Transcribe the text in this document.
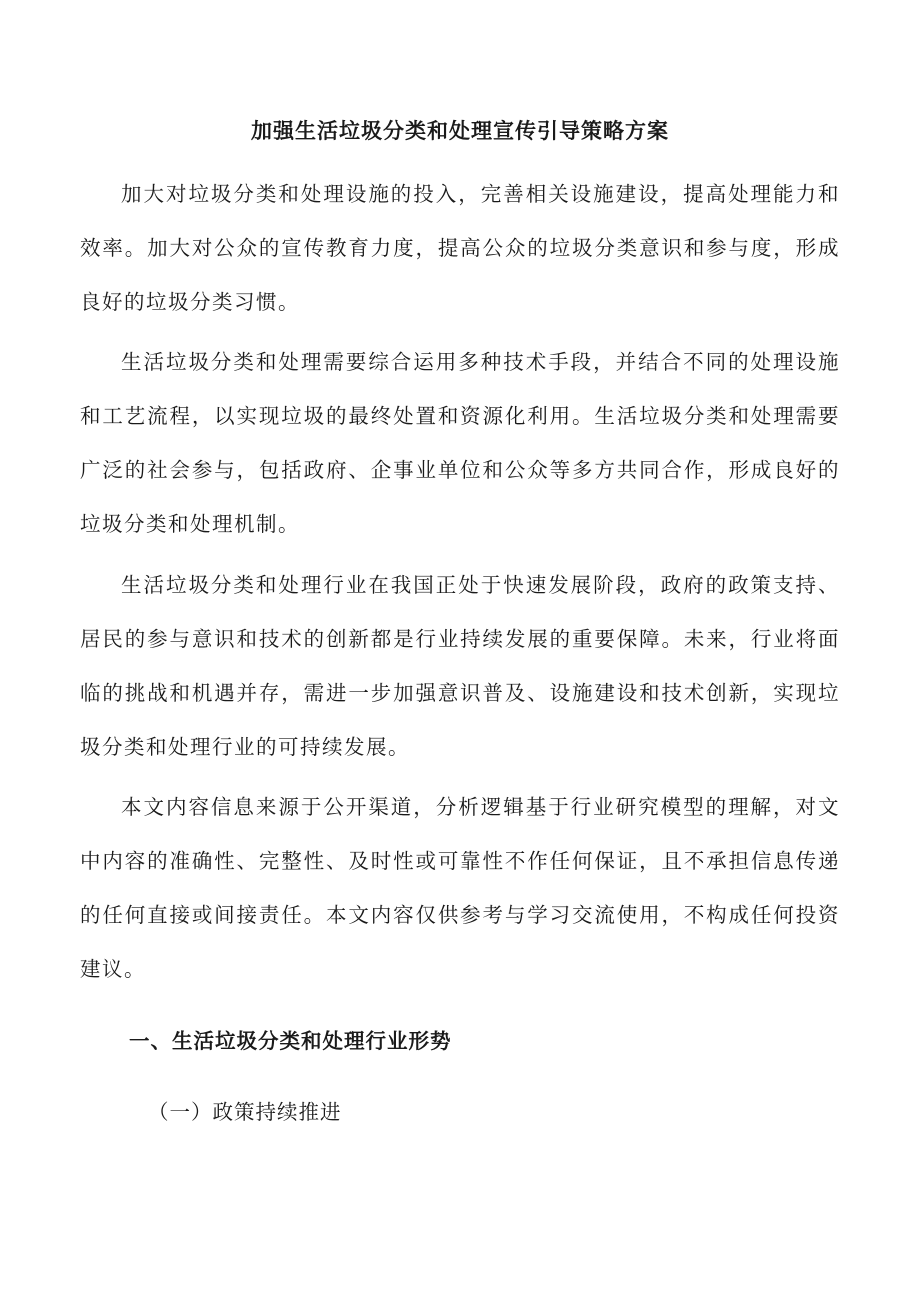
加强生活垃圾分类和处理宣传引导策略方案

加大对垃圾分类和处理设施的投入，完善相关设施建设，提高处理能力和效率。加大对公众的宣传教育力度，提高公众的垃圾分类意识和参与度，形成良好的垃圾分类习惯。

生活垃圾分类和处理需要综合运用多种技术手段，并结合不同的处理设施和工艺流程，以实现垃圾的最终处置和资源化利用。生活垃圾分类和处理需要广泛的社会参与，包括政府、企事业单位和公众等多方共同合作，形成良好的垃圾分类和处理机制。

生活垃圾分类和处理行业在我国正处于快速发展阶段，政府的政策支持、居民的参与意识和技术的创新都是行业持续发展的重要保障。未来，行业将面临的挑战和机遇并存，需进一步加强意识普及、设施建设和技术创新，实现垃圾分类和处理行业的可持续发展。

本文内容信息来源于公开渠道，分析逻辑基于行业研究模型的理解，对文中内容的准确性、完整性、及时性或可靠性不作任何保证，且不承担信息传递的任何直接或间接责任。本文内容仅供参考与学习交流使用，不构成任何投资建议。

一、生活垃圾分类和处理行业形势
（一）政策持续推进
